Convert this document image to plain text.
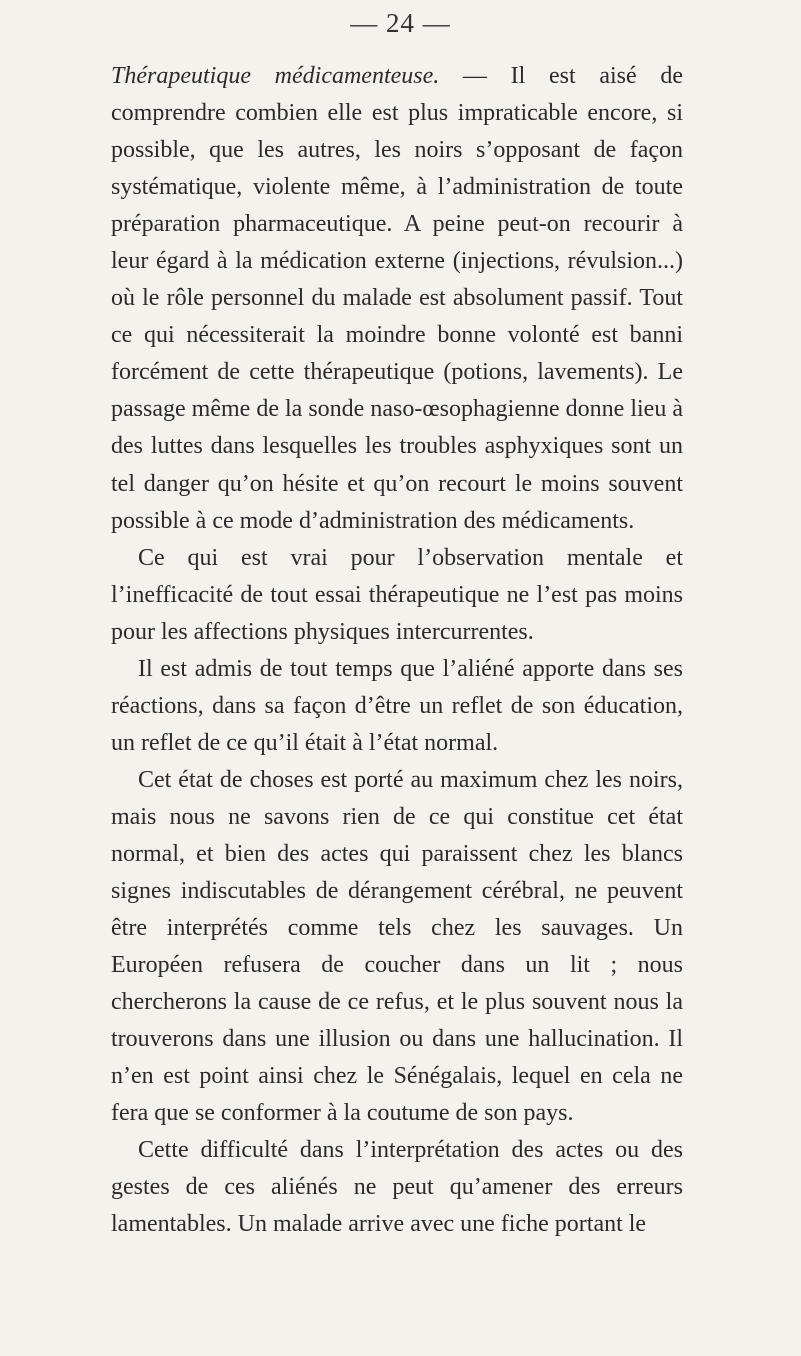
— 24 —

Thérapeutique médicamenteuse. — Il est aisé de comprendre combien elle est plus impraticable encore, si possible, que les autres, les noirs s’opposant de façon systématique, violente même, à l’administration de toute préparation pharmaceutique. A peine peut-on recourir à leur égard à la médication externe (injections, révulsion...) où le rôle personnel du malade est absolument passif. Tout ce qui nécessiterait la moindre bonne volonté est banni forcément de cette thérapeutique (potions, lavements). Le passage même de la sonde naso-œsophagienne donne lieu à des luttes dans lesquelles les troubles asphyxiques sont un tel danger qu’on hésite et qu’on recourt le moins souvent possible à ce mode d’administration des médicaments.

Ce qui est vrai pour l’observation mentale et l’inefficacité de tout essai thérapeutique ne l’est pas moins pour les affections physiques intercurrentes.

Il est admis de tout temps que l’aliéné apporte dans ses réactions, dans sa façon d’être un reflet de son éducation, un reflet de ce qu’il était à l’état normal.

Cet état de choses est porté au maximum chez les noirs, mais nous ne savons rien de ce qui constitue cet état normal, et bien des actes qui paraissent chez les blancs signes indiscutables de dérangement cérébral, ne peuvent être interprétés comme tels chez les sauvages. Un Européen refusera de coucher dans un lit ; nous chercherons la cause de ce refus, et le plus souvent nous la trouverons dans une illusion ou dans une hallucination. Il n’en est point ainsi chez le Sénégalais, lequel en cela ne fera que se conformer à la coutume de son pays.

Cette difficulté dans l’interprétation des actes ou des gestes de ces aliénés ne peut qu’amener des erreurs lamentables. Un malade arrive avec une fiche portant le
